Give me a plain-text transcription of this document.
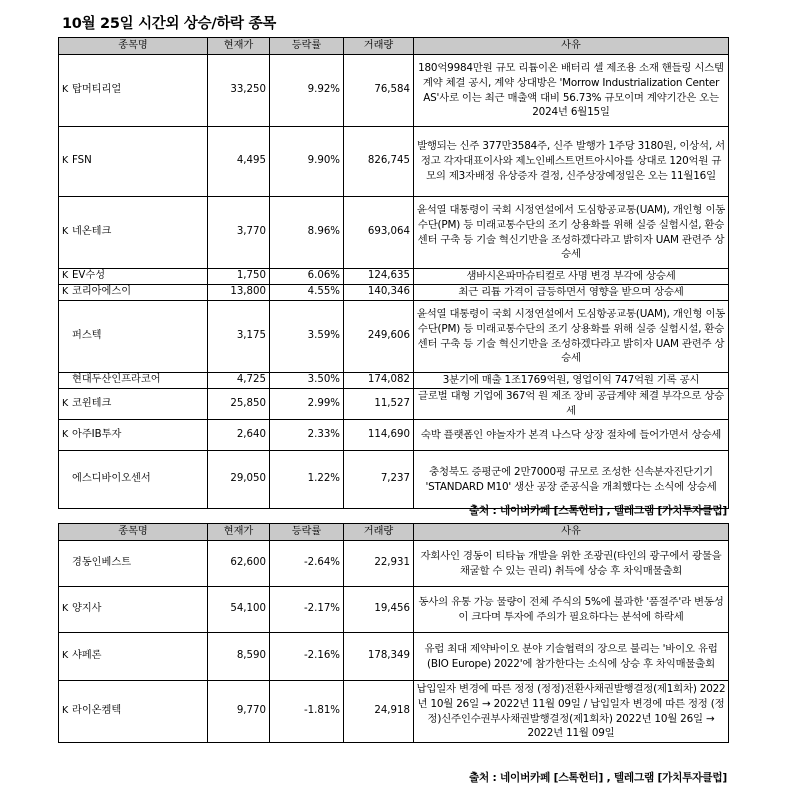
10월 25일 시간외 상승/하락 종목
종목명	현재가	등락률	거래량	사유
K 탑머티리얼	33,250	9.92%	76,584	180억9984만원 규모 리튬이온 배터리 셀 제조용 소재 핸들링 시스템 계약 체결 공시, 계약 상대방은 'Morrow Industrialization Center AS'사로 이는 최근 매출액 대비 56.73% 규모이며 계약기간은 오는 2024년 6월15일
K FSN	4,495	9.90%	826,745	발행되는 신주 377만3584주, 신주 발행가 1주당 3180원, 이상석, 서정고 각자대표이사와 제노인베스트먼트아시아를 상대로 120억원 규모의 제3자배정 유상증자 결정, 신주상장예정일은 오는 11월16일
K 네온테크	3,770	8.96%	693,064	윤석열 대통령이 국회 시정연설에서 도심항공교통(UAM), 개인형 이동수단(PM) 등 미래교통수단의 조기 상용화를 위해 실증 실험시설, 환승센터 구축 등 기술 혁신기반을 조성하겠다라고 밝히자 UAM 관련주 상승세
K EV수성	1,750	6.06%	124,635	샘바시온파마슈티컬로 사명 변경 부각에 상승세
K 코리아에스이	13,800	4.55%	140,346	최근 리튬 가격이 급등하면서 영향을 받으며 상승세
퍼스텍	3,175	3.59%	249,606	윤석열 대통령이 국회 시정연설에서 도심항공교통(UAM), 개인형 이동수단(PM) 등 미래교통수단의 조기 상용화를 위해 실증 실험시설, 환승센터 구축 등 기술 혁신기반을 조성하겠다라고 밝히자 UAM 관련주 상승세
현대두산인프라코어	4,725	3.50%	174,082	3분기에 매출 1조1769억원, 영업이익 747억원 기록 공시
K 코윈테크	25,850	2.99%	11,527	글로벌 대형 기업에 367억 원 제조 장비 공급계약 체결 부각으로 상승세
K 아주IB투자	2,640	2.33%	114,690	숙박 플랫폼인 야놀자가 본격 나스닥 상장 절차에 들어가면서 상승세
에스디바이오센서	29,050	1.22%	7,237	충청북도 증평군에 2만7000평 규모로 조성한 신속분자진단기기 'STANDARD M10' 생산 공장 준공식을 개최했다는 소식에 상승세
출처 : 네이버카페 [스톡헌터] , 텔레그램 [가치투자클럽]
종목명	현재가	등락률	거래량	사유
경동인베스트	62,600	-2.64%	22,931	자회사인 경동이 티타늄 개발을 위한 조광권(타인의 광구에서 광물을 채굴할 수 있는 권리) 취득에 상승 후 차익매물출회
K 양지사	54,100	-2.17%	19,456	동사의 유통 가능 물량이 전체 주식의 5%에 불과한 '품절주'라 변동성이 크다며 투자에 주의가 필요하다는 분석에 하락세
K 샤페론	8,590	-2.16%	178,349	유럽 최대 제약바이오 분야 기술협력의 장으로 불리는 '바이오 유럽(BIO Europe) 2022'에 참가한다는 소식에 상승 후 차익매물출회
K 라이온켐텍	9,770	-1.81%	24,918	납입일자 변경에 따른 정정 (정정)전환사채권발행결정(제1회차) 2022년 10월 26일 → 2022년 11월 09일 / 납입일자 변경에 따른 정정 (정정)신주인수권부사채권발행결정(제1회차) 2022년 10월 26일 → 2022년 11월 09일
출처 : 네이버카페 [스톡헌터] , 텔레그램 [가치투자클럽]
